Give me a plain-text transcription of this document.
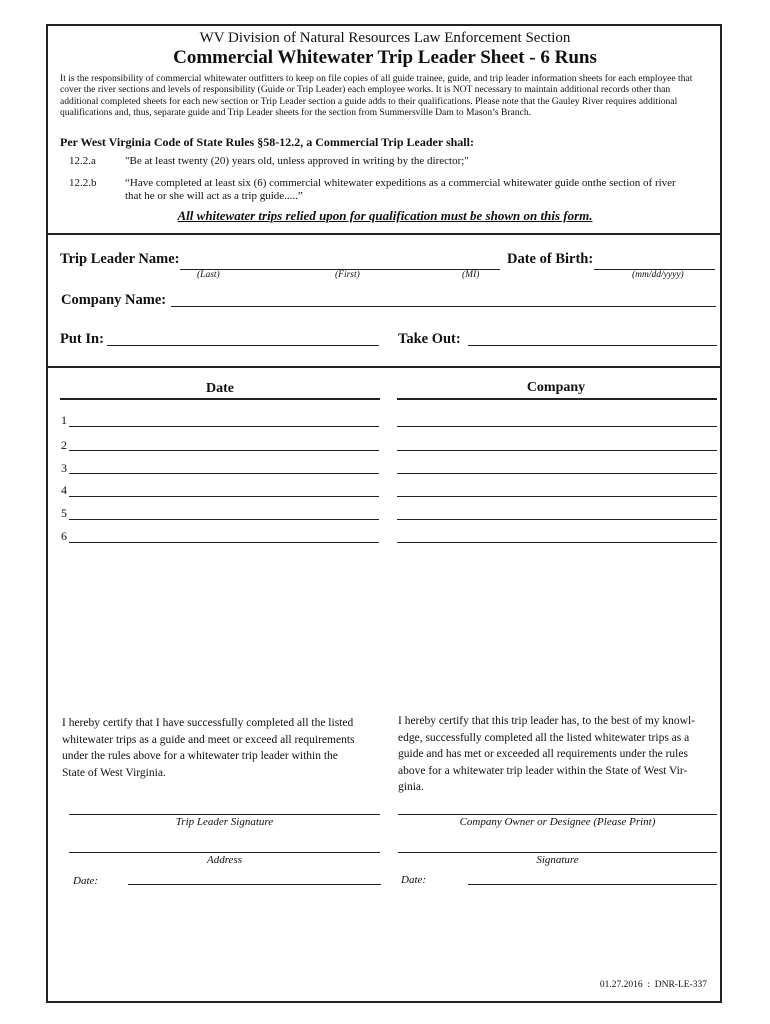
WV Division of Natural Resources Law Enforcement Section
Commercial Whitewater Trip Leader Sheet - 6 Runs
It is the responsibility of commercial whitewater outfitters to keep on file copies of all guide trainee, guide, and trip leader information sheets for each employee that
cover the river sections and levels of responsibility (Guide or Trip Leader) each employee works. It is NOT necessary to maintain additional records other than
additional completed sheets for each new section or Trip Leader section a guide adds to their qualifications. Please note that the Gauley River requires additional
qualifications and, thus, separate guide and Trip Leader sheets for the section from Summersville Dam to Mason’s Branch.
Per West Virginia Code of State Rules §58-12.2, a Commercial Trip Leader shall:
12.2.a	"Be at least twenty (20) years old, unless approved in writing by the director;"
12.2.b	“Have completed at least six (6) commercial whitewater expeditions as a commercial whitewater guide onthe section of river
that he or she will act as a trip guide.....”
All whitewater trips relied upon for qualification must be shown on this form.
Trip Leader Name:
(Last)	(First)	(MI)
Date of Birth:
(mm/dd/yyyy)
Company Name:
Put In:	Take Out:
Date	Company
1
2
3
4
5
6
I hereby certify that I have successfully completed all the listed
whitewater trips as a guide and meet or exceed all requirements
under the rules above for a whitewater trip leader within the
State of West Virginia.
I hereby certify that this trip leader has, to the best of my knowl-
edge, successfully completed all the listed whitewater trips as a
guide and has met or exceeded all requirements under the rules
above for a whitewater trip leader within the State of West Vir-
ginia.
Trip Leader Signature
Address
Date:
Company Owner or Designee (Please Print)
Signature
Date:
01.27.2016  :  DNR-LE-337
